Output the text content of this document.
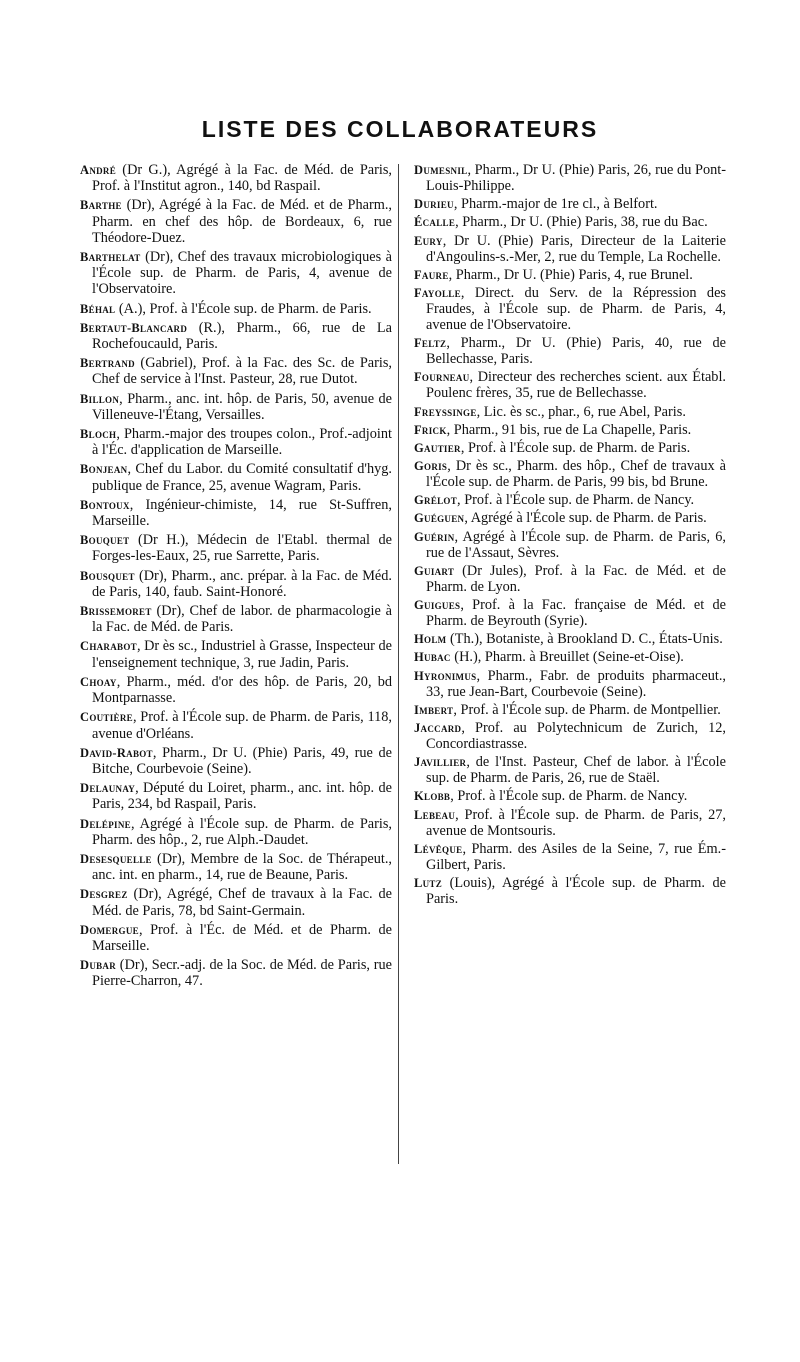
LISTE DES COLLABORATEURS
André (Dr G.), Agrégé à la Fac. de Méd. de Paris, Prof. à l'Institut agron., 140, bd Raspail.
Barthe (Dr), Agrégé à la Fac. de Méd. et de Pharm., Pharm. en chef des hôp. de Bordeaux, 6, rue Théodore-Duez.
Barthelat (Dr), Chef des travaux microbiologiques à l'École sup. de Pharm. de Paris, 4, avenue de l'Observatoire.
Béhal (A.), Prof. à l'École sup. de Pharm. de Paris.
Bertaut-Blancard (R.), Pharm., 66, rue de La Rochefoucauld, Paris.
Bertrand (Gabriel), Prof. à la Fac. des Sc. de Paris, Chef de service à l'Inst. Pasteur, 28, rue Dutot.
Billon, Pharm., anc. int. hôp. de Paris, 50, avenue de Villeneuve-l'Étang, Versailles.
Bloch, Pharm.-major des troupes colon., Prof.-adjoint à l'Éc. d'application de Marseille.
Bonjean, Chef du Labor. du Comité consultatif d'hyg. publique de France, 25, avenue Wagram, Paris.
Bontoux, Ingénieur-chimiste, 14, rue St-Suffren, Marseille.
Bouquet (Dr H.), Médecin de l'Etabl. thermal de Forges-les-Eaux, 25, rue Sarrette, Paris.
Bousquet (Dr), Pharm., anc. prépar. à la Fac. de Méd. de Paris, 140, faub. Saint-Honoré.
Brissemoret (Dr), Chef de labor. de pharmacologie à la Fac. de Méd. de Paris.
Charabot, Dr ès sc., Industriel à Grasse, Inspecteur de l'enseignement technique, 3, rue Jadin, Paris.
Choay, Pharm., méd. d'or des hôp. de Paris, 20, bd Montparnasse.
Coutière, Prof. à l'École sup. de Pharm. de Paris, 118, avenue d'Orléans.
David-Rabot, Pharm., Dr U. (Phie) Paris, 49, rue de Bitche, Courbevoie (Seine).
Delaunay, Député du Loiret, pharm., anc. int. hôp. de Paris, 234, bd Raspail, Paris.
Delépine, Agrégé à l'École sup. de Pharm. de Paris, Pharm. des hôp., 2, rue Alph.-Daudet.
Desesquelle (Dr), Membre de la Soc. de Thérapeut., anc. int. en pharm., 14, rue de Beaune, Paris.
Desgrez (Dr), Agrégé, Chef de travaux à la Fac. de Méd. de Paris, 78, bd Saint-Germain.
Domergue, Prof. à l'Éc. de Méd. et de Pharm. de Marseille.
Dubar (Dr), Secr.-adj. de la Soc. de Méd. de Paris, rue Pierre-Charron, 47.
Dumesnil, Pharm., Dr U. (Phie) Paris, 26, rue du Pont-Louis-Philippe.
Durieu, Pharm.-major de 1re cl., à Belfort.
Écalle, Pharm., Dr U. (Phie) Paris, 38, rue du Bac.
Eury, Dr U. (Phie) Paris, Directeur de la Laiterie d'Angoulins-s.-Mer, 2, rue du Temple, La Rochelle.
Faure, Pharm., Dr U. (Phie) Paris, 4, rue Brunel.
Fayolle, Direct. du Serv. de la Répression des Fraudes, à l'École sup. de Pharm. de Paris, 4, avenue de l'Observatoire.
Feltz, Pharm., Dr U. (Phie) Paris, 40, rue de Bellechasse, Paris.
Fourneau, Directeur des recherches scient. aux Établ. Poulenc frères, 35, rue de Bellechasse.
Freyssinge, Lic. ès sc., phar., 6, rue Abel, Paris.
Frick, Pharm., 91 bis, rue de La Chapelle, Paris.
Gautier, Prof. à l'École sup. de Pharm. de Paris.
Goris, Dr ès sc., Pharm. des hôp., Chef de travaux à l'École sup. de Pharm. de Paris, 99 bis, bd Brune.
Grélot, Prof. à l'École sup. de Pharm. de Nancy.
Guéguen, Agrégé à l'École sup. de Pharm. de Paris.
Guérin, Agrégé à l'École sup. de Pharm. de Paris, 6, rue de l'Assaut, Sèvres.
Guiart (Dr Jules), Prof. à la Fac. de Méd. et de Pharm. de Lyon.
Guigues, Prof. à la Fac. française de Méd. et de Pharm. de Beyrouth (Syrie).
Holm (Th.), Botaniste, à Brookland D. C., États-Unis.
Hubac (H.), Pharm. à Breuillet (Seine-et-Oise).
Hyronimus, Pharm., Fabr. de produits pharmaceut., 33, rue Jean-Bart, Courbevoie (Seine).
Imbert, Prof. à l'École sup. de Pharm. de Montpellier.
Jaccard, Prof. au Polytechnicum de Zurich, 12, Concordiastrasse.
Javillier, de l'Inst. Pasteur, Chef de labor. à l'École sup. de Pharm. de Paris, 26, rue de Staël.
Klobb, Prof. à l'École sup. de Pharm. de Nancy.
Lebeau, Prof. à l'École sup. de Pharm. de Paris, 27, avenue de Montsouris.
Lévêque, Pharm. des Asiles de la Seine, 7, rue Ém.-Gilbert, Paris.
Lutz (Louis), Agrégé à l'École sup. de Pharm. de Paris.
